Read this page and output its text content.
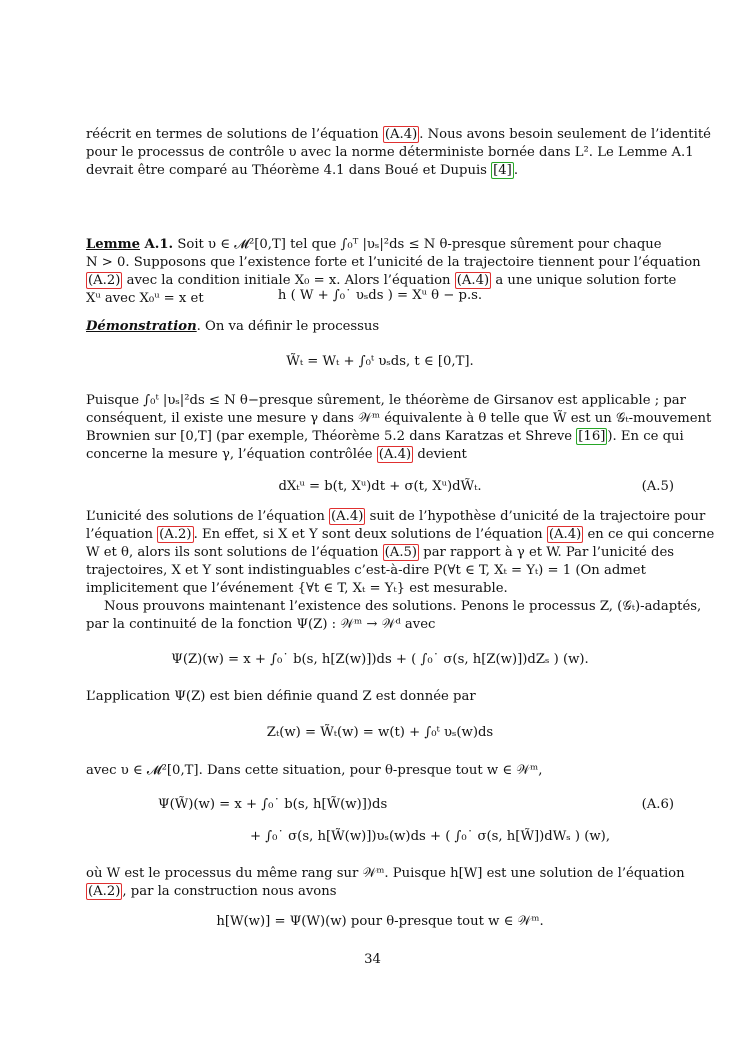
réécrit en termes de solutions de l’équation (A.4) . Nous avons besoin seulement de l’identité
pour le processus de contrôle υ avec la norme déterministe bornée dans L². Le Lemme A.1
devrait être comparé au Théorème 4.1 dans Boué et Dupuis [4] .
Lemme A.1. Soit υ ∈ 𝓜²[0,T] tel que ∫₀ᵀ |υₛ|²ds ≤ N θ-presque sûrement pour chaque
N > 0. Supposons que l’existence forte et l’unicité de la trajectoire tiennent pour l’équation
(A.2) avec la condition initiale X₀ = x. Alors l’équation (A.4) a une unique solution forte
Xᵘ avec X₀ᵘ = x et	h ( W + ∫₀˙ υₛds ) = Xᵘ θ − p.s.
Démonstration. On va définir le processus
W̃ₜ = Wₜ + ∫₀ᵗ υₛds, t ∈ [0,T].
Puisque ∫₀ᵗ |υₛ|²ds ≤ N θ−presque sûrement, le théorème de Girsanov est applicable ; par
conséquent, il existe une mesure γ dans 𝒲ᵐ équivalente à θ telle que W̃ est un 𝒢ₜ-mouvement
Brownien sur [0,T] (par exemple, Théorème 5.2 dans Karatzas et Shreve [16] ). En ce qui
concerne la mesure γ, l’équation contrôlée (A.4) devient
dXₜᵘ = b(t, Xᵘ)dt + σ(t, Xᵘ)dW̃ₜ.	(A.5)
L’unicité des solutions de l’équation (A.4) suit de l’hypothèse d’unicité de la trajectoire pour
l’équation (A.2) . En effet, si X et Y sont deux solutions de l’équation (A.4) en ce qui concerne
W et θ, alors ils sont solutions de l’équation (A.5) par rapport à γ et W. Par l’unicité des
trajectoires, X et Y sont indistinguables c’est-à-dire P(∀t ∈ T, Xₜ = Yₜ) = 1 (On admet
implicitement que l’événement {∀t ∈ T, Xₜ = Yₜ} est mesurable.
Nous prouvons maintenant l’existence des solutions. Penons le processus Z, (𝒢ₜ)-adaptés,
par la continuité de la fonction Ψ(Z) : 𝒲ᵐ → 𝒲ᵈ avec
Ψ(Z)(w) = x + ∫₀˙ b(s, h[Z(w)])ds + ( ∫₀˙ σ(s, h[Z(w)])dZₛ ) (w).
L’application Ψ(Z) est bien définie quand Z est donnée par
Zₜ(w) = W̃ₜ(w) = w(t) + ∫₀ᵗ υₛ(w)ds
avec υ ∈ 𝓜²[0,T]. Dans cette situation, pour θ-presque tout w ∈ 𝒲ᵐ,
Ψ(W̃)(w) = x + ∫₀˙ b(s, h[W̃(w)])ds
+ ∫₀˙ σ(s, h[W̃(w)])υₛ(w)ds + ( ∫₀˙ σ(s, h[W̃])dWₛ ) (w),
(A.6)
où W est le processus du même rang sur 𝒲ᵐ. Puisque h[W] est une solution de l’équation
(A.2) , par la construction nous avons
h[W(w)] = Ψ(W)(w) pour θ-presque tout w ∈ 𝒲ᵐ.
34
